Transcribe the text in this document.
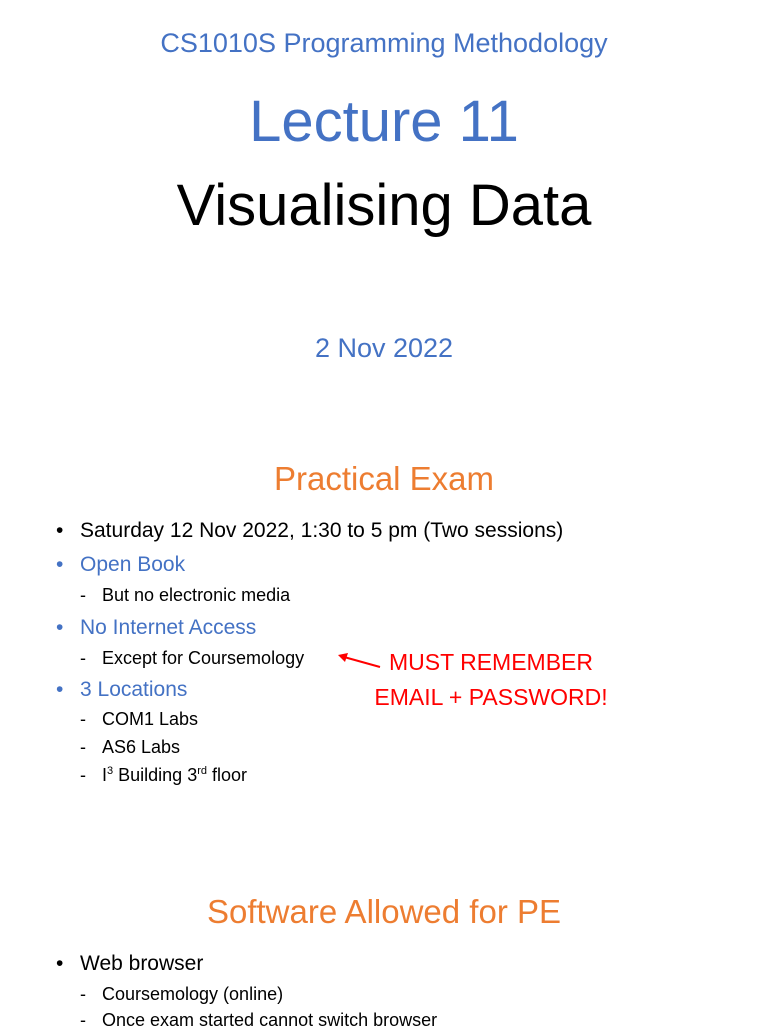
CS1010S Programming Methodology
Lecture 11
Visualising Data
2 Nov 2022
Practical Exam
• Saturday 12 Nov 2022, 1:30 to 5 pm (Two sessions)
• Open Book
- But no electronic media
• No Internet Access
- Except for Coursemology
• 3 Locations
- COM1 Labs
- AS6 Labs
- $I^3$ Building 3rd floor
MUST REMEMBER
EMAIL + PASSWORD!
Software Allowed for PE
• Web browser
- Coursemology (online)
- Once exam started cannot switch browser
